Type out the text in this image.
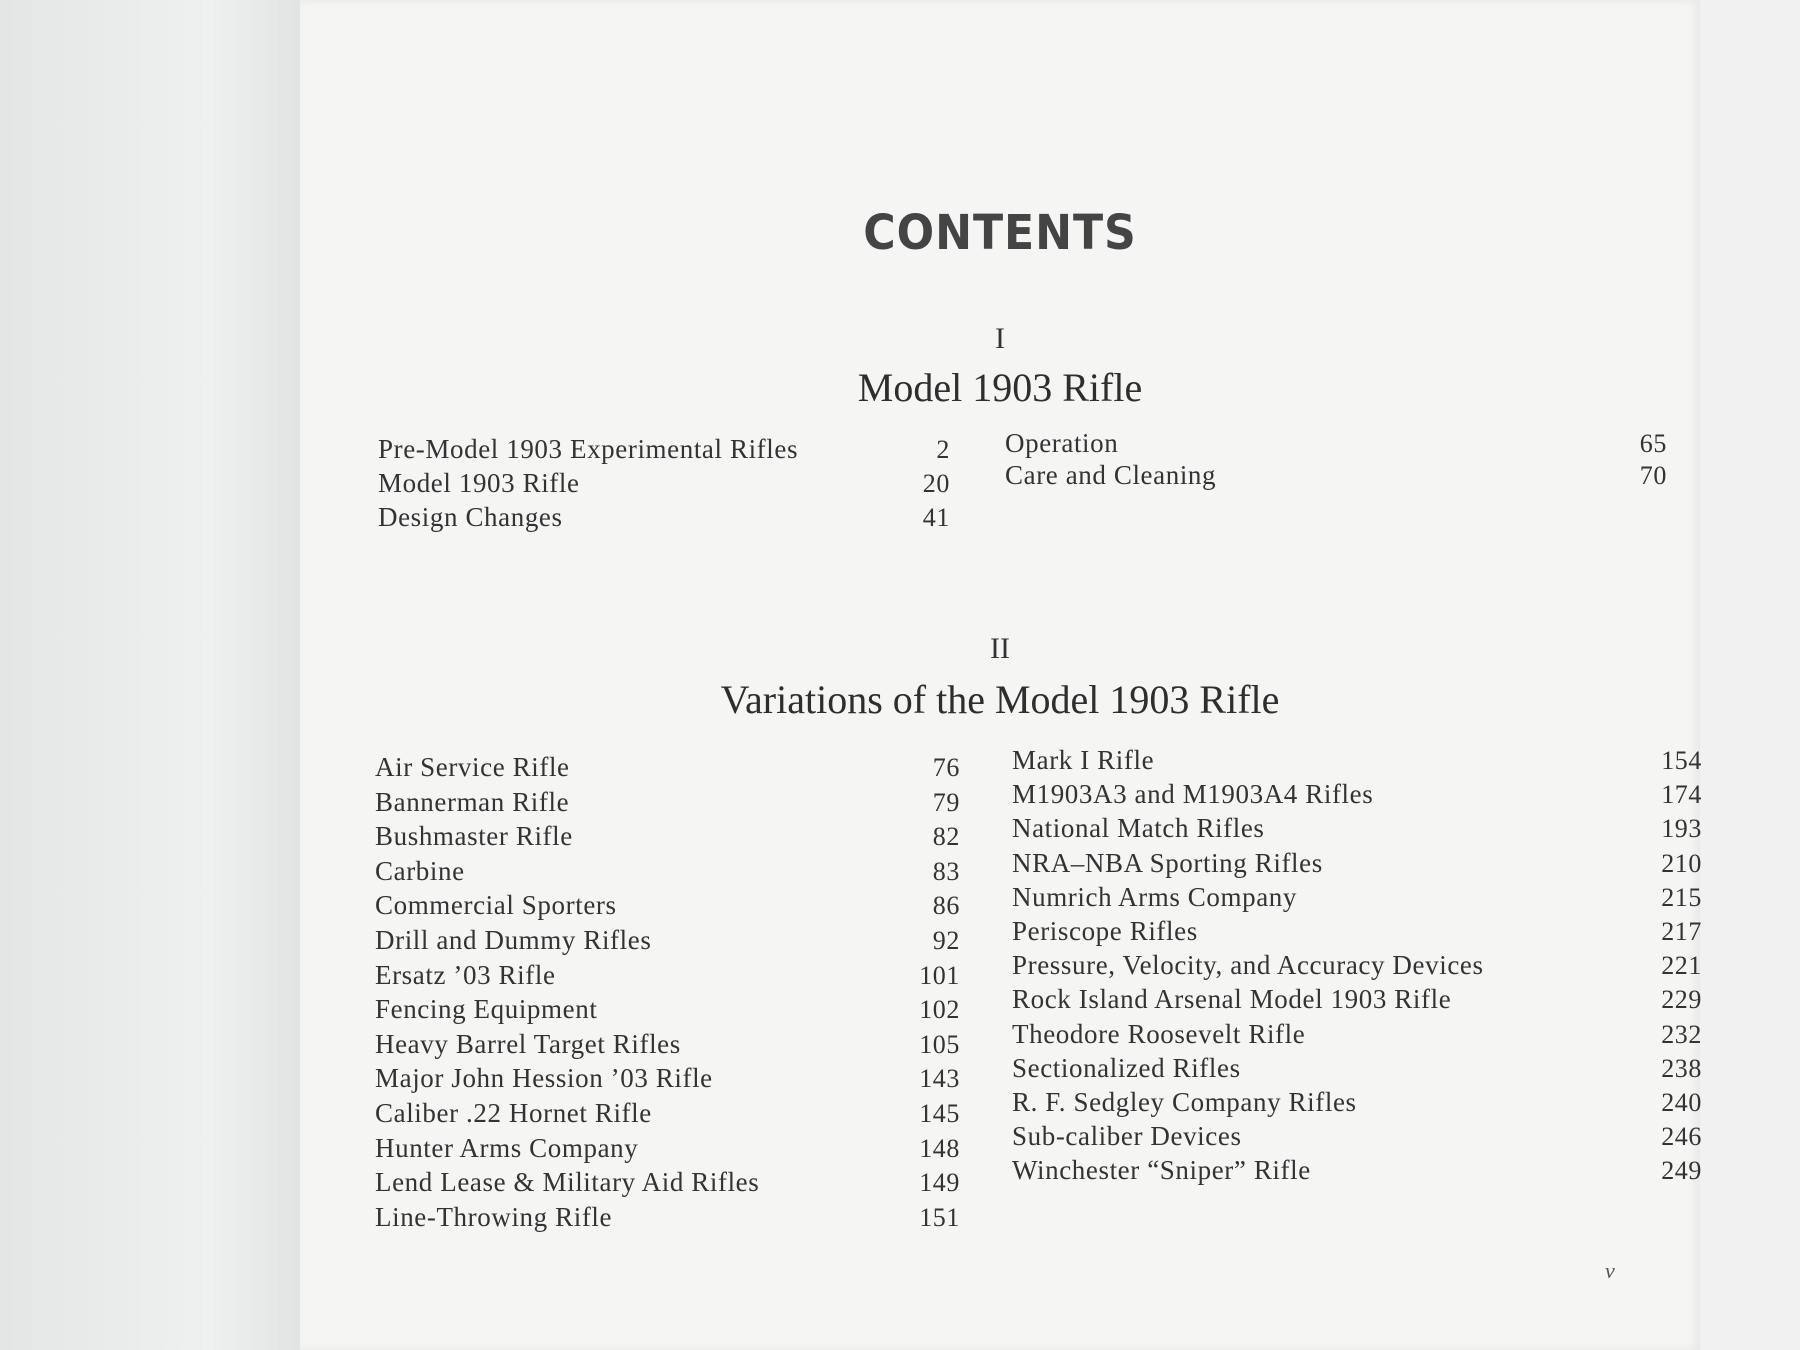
CONTENTS
I
Model 1903 Rifle
Pre-Model 1903 Experimental Rifles	2
Model 1903 Rifle	20
Design Changes	41
Operation	65
Care and Cleaning	70
II
Variations of the Model 1903 Rifle
Air Service Rifle	76
Bannerman Rifle	79
Bushmaster Rifle	82
Carbine	83
Commercial Sporters	86
Drill and Dummy Rifles	92
Ersatz ’03 Rifle	101
Fencing Equipment	102
Heavy Barrel Target Rifles	105
Major John Hession ’03 Rifle	143
Caliber .22 Hornet Rifle	145
Hunter Arms Company	148
Lend Lease & Military Aid Rifles	149
Line-Throwing Rifle	151
Mark I Rifle	154
M1903A3 and M1903A4 Rifles	174
National Match Rifles	193
NRA–NBA Sporting Rifles	210
Numrich Arms Company	215
Periscope Rifles	217
Pressure, Velocity, and Accuracy Devices	221
Rock Island Arsenal Model 1903 Rifle	229
Theodore Roosevelt Rifle	232
Sectionalized Rifles	238
R. F. Sedgley Company Rifles	240
Sub-caliber Devices	246
Winchester “Sniper” Rifle	249
v
